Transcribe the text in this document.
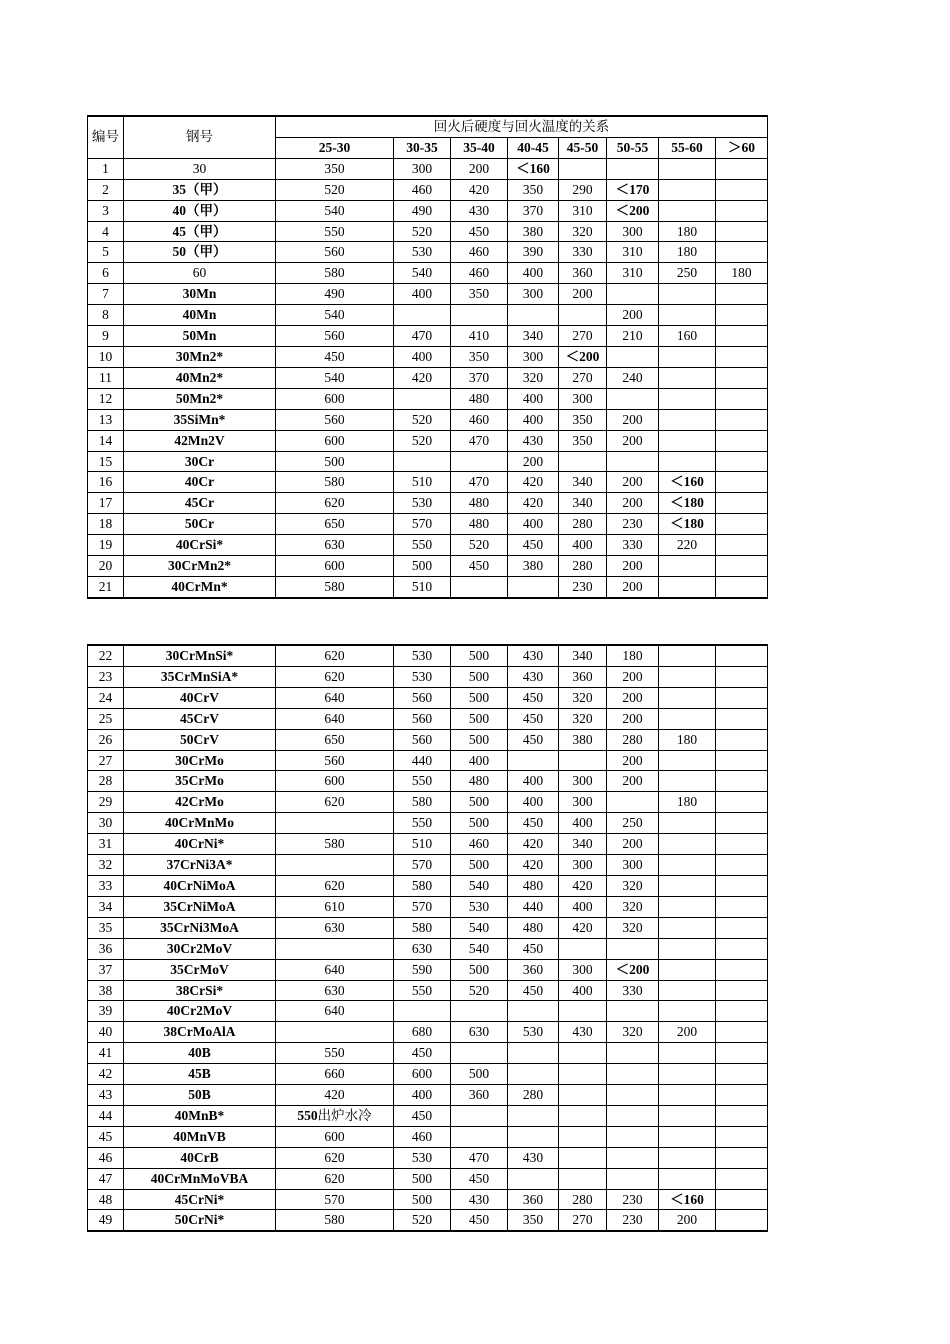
编号	钢号	回火后硬度与回火温度的关系							
		25-30	30-35	35-40	40-45	45-50	50-55	55-60	＞60
1	30	350	300	200	＜160				
2	35（甲）	520	460	420	350	290	＜170		
3	40（甲）	540	490	430	370	310	＜200		
4	45（甲）	550	520	450	380	320	300	180	
5	50（甲）	560	530	460	390	330	310	180	
6	60	580	540	460	400	360	310	250	180
7	30Mn	490	400	350	300	200			
8	40Mn	540					200		
9	50Mn	560	470	410	340	270	210	160	
10	30Mn2*	450	400	350	300	＜200			
11	40Mn2*	540	420	370	320	270	240		
12	50Mn2*	600		480	400	300			
13	35SiMn*	560	520	460	400	350	200		
14	42Mn2V	600	520	470	430	350	200		
15	30Cr	500			200				
16	40Cr	580	510	470	420	340	200	＜160	
17	45Cr	620	530	480	420	340	200	＜180	
18	50Cr	650	570	480	400	280	230	＜180	
19	40CrSi*	630	550	520	450	400	330	220	
20	30CrMn2*	600	500	450	380	280	200		
21	40CrMn*	580	510			230	200		
22	30CrMnSi*	620	530	500	430	340	180		
23	35CrMnSiA*	620	530	500	430	360	200		
24	40CrV	640	560	500	450	320	200		
25	45CrV	640	560	500	450	320	200		
26	50CrV	650	560	500	450	380	280	180	
27	30CrMo	560	440	400			200		
28	35CrMo	600	550	480	400	300	200		
29	42CrMo	620	580	500	400	300		180	
30	40CrMnMo		550	500	450	400	250		
31	40CrNi*	580	510	460	420	340	200		
32	37CrNi3A*		570	500	420	300	300		
33	40CrNiMoA	620	580	540	480	420	320		
34	35CrNiMoA	610	570	530	440	400	320		
35	35CrNi3MoA	630	580	540	480	420	320		
36	30Cr2MoV		630	540	450				
37	35CrMoV	640	590	500	360	300	＜200		
38	38CrSi*	630	550	520	450	400	330		
39	40Cr2MoV	640							
40	38CrMoAlA		680	630	530	430	320	200	
41	40B	550	450						
42	45B	660	600	500					
43	50B	420	400	360	280				
44	40MnB*	550出炉水冷	450						
45	40MnVB	600	460						
46	40CrB	620	530	470	430				
47	40CrMnMoVBA	620	500	450					
48	45CrNi*	570	500	430	360	280	230	＜160	
49	50CrNi*	580	520	450	350	270	230	200	
